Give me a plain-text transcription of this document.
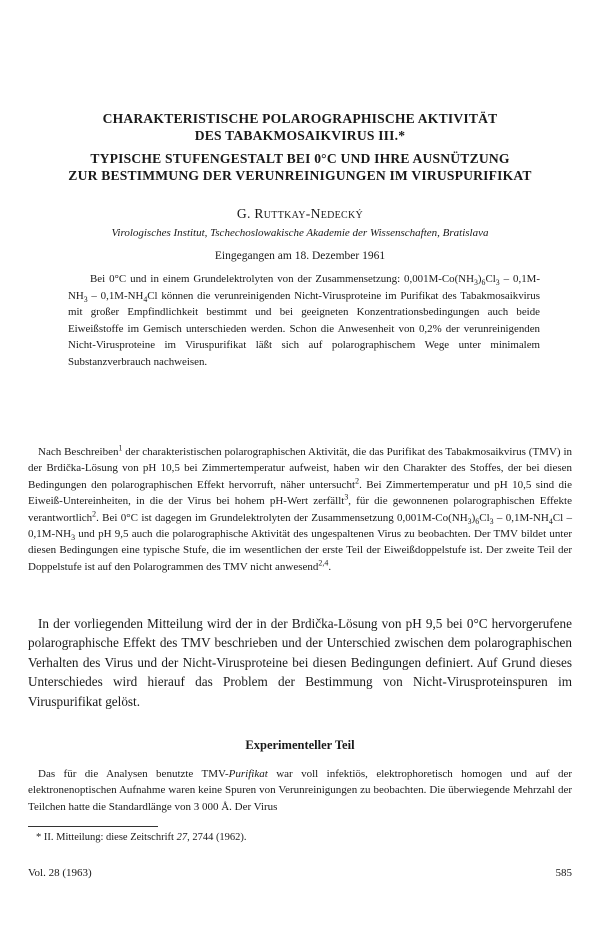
CHARAKTERISTISCHE POLAROGRAPHISCHE AKTIVITÄT
DES TABAKMOSAIKVIRUS III.*
TYPISCHE STUFENGESTALT BEI 0°C UND IHRE AUSNÜTZUNG
ZUR BESTIMMUNG DER VERUNREINIGUNGEN IM VIRUSPURIFIKAT
G. Ruttkay-Nedecký
Virologisches Institut, Tschechoslowakische Akademie der Wissenschaften, Bratislava
Eingegangen am 18. Dezember 1961

Bei 0°C und in einem Grundelektrolyten von der Zusammensetzung: $0,001M-Co(NH_3)_6Cl_3 - 0,1M-NH_3 - 0,1M-NH_4Cl$ können die verunreinigenden Nicht-Virusproteine im Purifikat des Tabakmosaikvirus mit großer Empfindlichkeit bestimmt und bei geeigneten Konzentrationsbedingungen auch beide Eiweißstoffe im Gemisch unterschieden werden. Schon die Anwesenheit von 0,2% der verunreinigenden Nicht-Virusproteine im Viruspurifikat läßt sich auf polarographischem Wege unter minimalem Substanzverbrauch nachweisen.

Nach Beschreiben$^1$ der charakteristischen polarographischen Aktivität, die das Purifikat des Tabakmosaikvirus (TMV) in der Brdička-Lösung von pH 10,5 bei Zimmertemperatur aufweist, haben wir den Charakter des Stoffes, der bei diesen Bedingungen den polarographischen Effekt hervorruft, näher untersucht$^2$. Bei Zimmertemperatur und pH 10,5 sind die Eiweiß-Untereinheiten, in die der Virus bei hohem pH-Wert zerfällt$^3$, für die gewonnenen polarographischen Effekte verantwortlich$^2$. Bei 0°C ist dagegen im Grundelektrolyten der Zusammensetzung $0,001M-Co(NH_3)_6Cl_3 - 0,1M-NH_4Cl - 0,1M-NH_3$ und pH 9,5 auch die polarographische Aktivität des ungespaltenen Virus zu beobachten. Der TMV bildet unter diesen Bedingungen eine typische Stufe, die im wesentlichen der erste Teil der Eiweißdoppelstufe ist. Der zweite Teil der Doppelstufe ist auf den Polarogrammen des TMV nicht anwesend$^{2,4}$.

In der vorliegenden Mitteilung wird der in der Brdička-Lösung von pH 9,5 bei 0°C hervorgerufene polarographische Effekt des TMV beschrieben und der Unterschied zwischen dem polarographischen Verhalten des Virus und der Nicht-Virusproteine bei diesen Bedingungen definiert. Auf Grund dieses Unterschiedes wird hierauf das Problem der Bestimmung von Nicht-Virusproteinspuren im Viruspurifikat gelöst.

Experimenteller Teil

Das für die Analysen benutzte TMV-Purifikat war voll infektiös, elektrophoretisch homogen und auf der elektronenoptischen Aufnahme waren keine Spuren von Verunreinigungen zu beobachten. Die überwiegende Mehrzahl der Teilchen hatte die Standardlänge von 3 000 Å. Der Virus

* II. Mitteilung: diese Zeitschrift 27, 2744 (1962).
Vol. 28 (1963)	585
